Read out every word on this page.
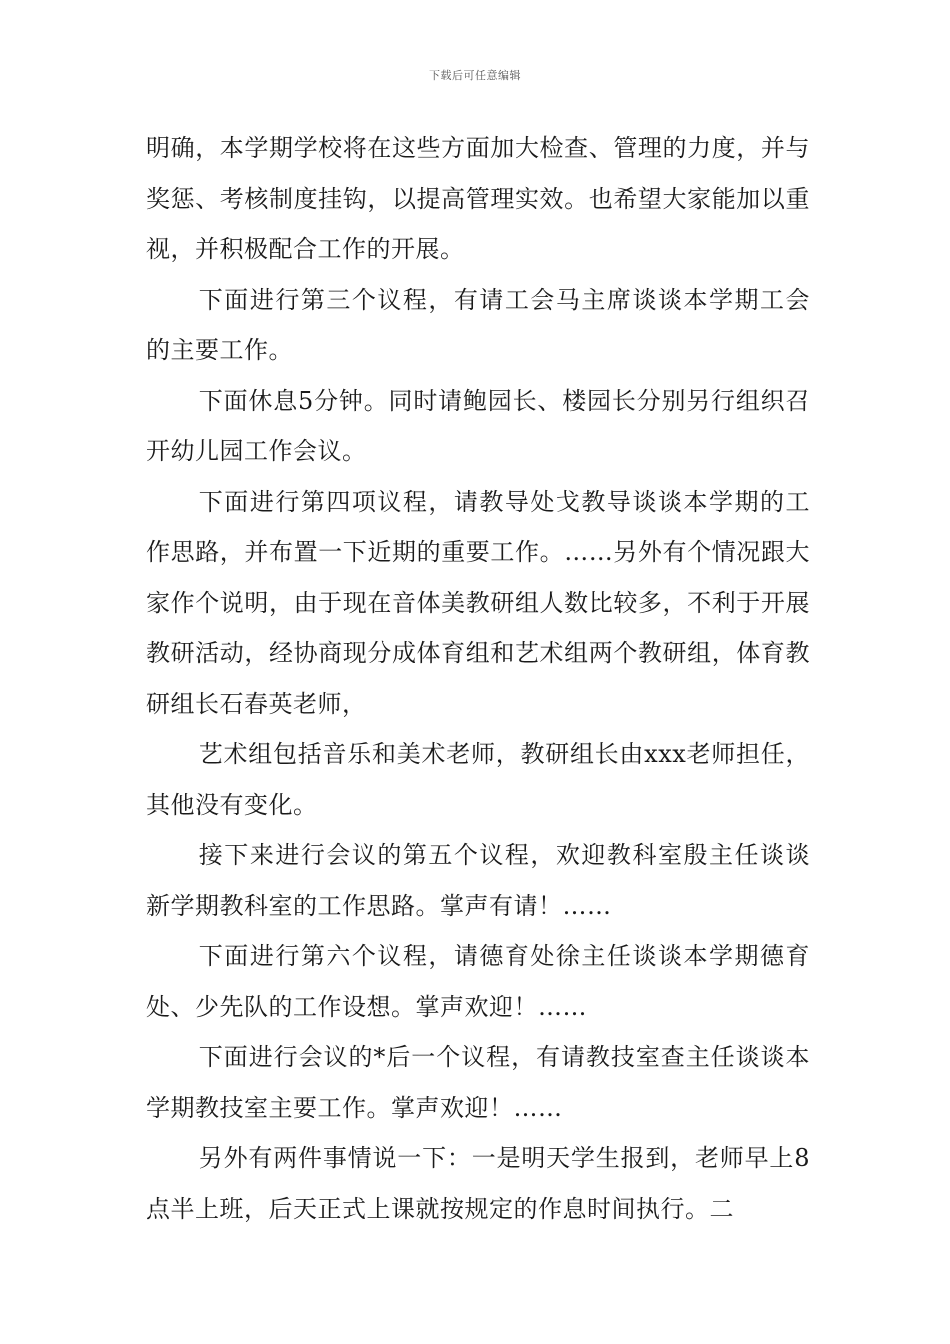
下载后可任意编辑

明确，本学期学校将在这些方面加大检查、管理的力度，并与奖惩、考核制度挂钩，以提高管理实效。也希望大家能加以重视，并积极配合工作的开展。

下面进行第三个议程，有请工会马主席谈谈本学期工会的主要工作。

下面休息5分钟。同时请鲍园长、楼园长分别另行组织召开幼儿园工作会议。

下面进行第四项议程，请教导处戈教导谈谈本学期的工作思路，并布置一下近期的重要工作。……另外有个情况跟大家作个说明，由于现在音体美教研组人数比较多，不利于开展教研活动，经协商现分成体育组和艺术组两个教研组，体育教研组长石春英老师，

艺术组包括音乐和美术老师，教研组长由xxx老师担任，其他没有变化。

接下来进行会议的第五个议程，欢迎教科室殷主任谈谈新学期教科室的工作思路。掌声有请！……

下面进行第六个议程，请德育处徐主任谈谈本学期德育处、少先队的工作设想。掌声欢迎！……

下面进行会议的*后一个议程，有请教技室查主任谈谈本学期教技室主要工作。掌声欢迎！……

另外有两件事情说一下：一是明天学生报到，老师早上8点半上班，后天正式上课就按规定的作息时间执行。二
